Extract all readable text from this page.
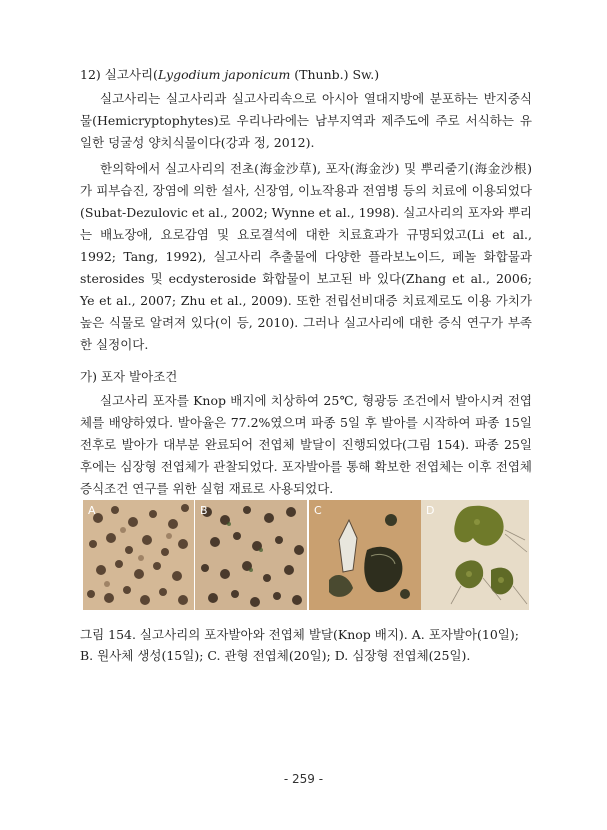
12) 실고사리(Lygodium japonicum (Thunb.) Sw.)

실고사리는 실고사리과 실고사리속으로 아시아 열대지방에 분포하는 반지중식물(Hemicryptophytes)로 우리나라에는 남부지역과 제주도에 주로 서식하는 유일한 덩굴성 양치식물이다(강과 정, 2012).

한의학에서 실고사리의 전초(海金沙草), 포자(海金沙) 및 뿌리줄기(海金沙根)가 피부습진, 장염에 의한 설사, 신장염, 이뇨작용과 전염병 등의 치료에 이용되었다(Subat-Dezulovic et al., 2002; Wynne et al., 1998). 실고사리의 포자와 뿌리는 배뇨장애, 요로감염 및 요로결석에 대한 치료효과가 규명되었고(Li et al., 1992; Tang, 1992), 실고사리 추출물에 다양한 플라보노이드, 페놀 화합물과 sterosides 및 ecdysteroside 화합물이 보고된 바 있다(Zhang et al., 2006; Ye et al., 2007; Zhu et al., 2009). 또한 전립선비대증 치료제로도 이용 가치가 높은 식물로 알려져 있다(이 등, 2010). 그러나 실고사리에 대한 증식 연구가 부족한 실정이다.

가) 포자 발아조건

실고사리 포자를 Knop 배지에 치상하여 25℃, 형광등 조건에서 발아시켜 전엽체를 배양하였다. 발아율은 77.2%였으며 파종 5일 후 발아를 시작하여 파종 15일 전후로 발아가 대부분 완료되어 전엽체 발달이 진행되었다(그림 154). 파종 25일 후에는 심장형 전엽체가 관찰되었다. 포자발아를 통해 확보한 전엽체는 이후 전엽체 증식조건 연구를 위한 실험 재료로 사용되었다.

A	B	C	D
그림 154. 실고사리의 포자발아와 전엽체 발달(Knop 배지). A. 포자발아(10일);
B. 원사체 생성(15일); C. 관형 전엽체(20일); D. 심장형 전엽체(25일).
- 259 -
